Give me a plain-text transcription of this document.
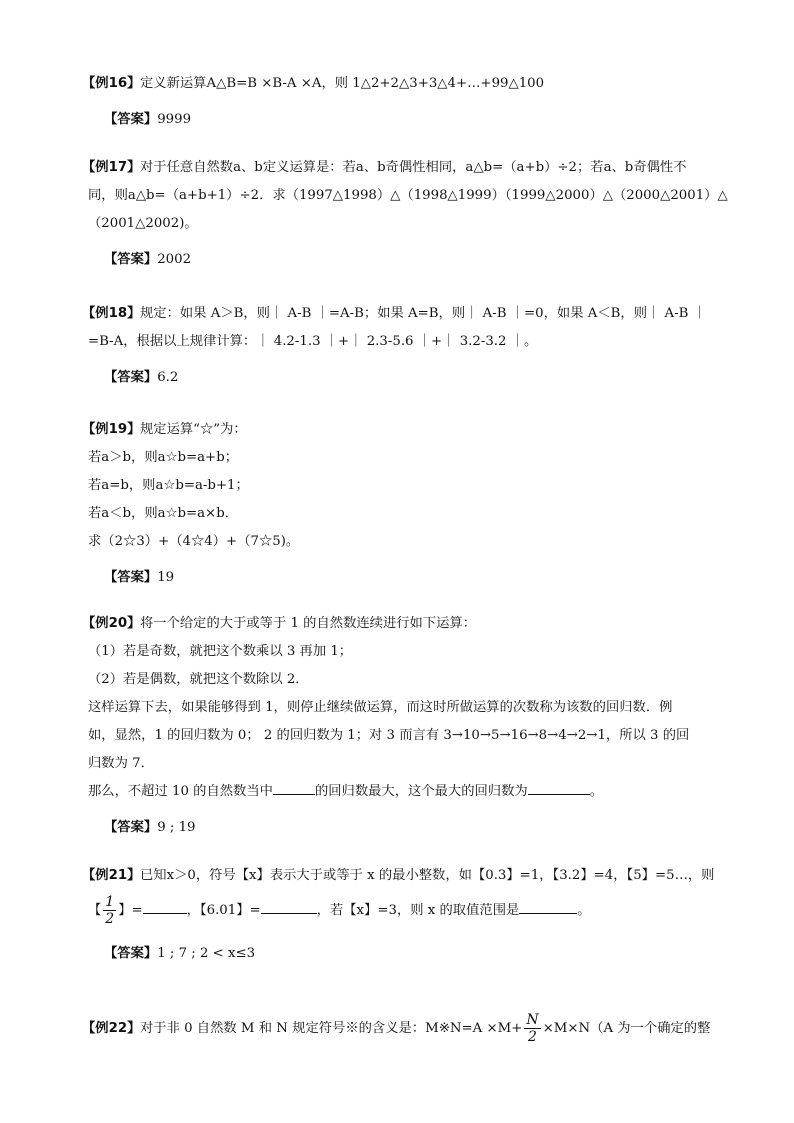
【例16】定义新运算A△B=B ×B-A ×A，则 1△2+2△3+3△4+…+99△100

【答案】9999

【例17】对于任意自然数a、b定义运算是：若a、b奇偶性相同，a△b=（a+b）÷2；若a、b奇偶性不

同，则a△b=（a+b+1）÷2．求（1997△1998）△（1998△1999）（1999△2000）△（2000△2001）△

（2001△2002)。

【答案】2002

【例18】规定：如果 A＞B，则｜ A-B ｜=A-B；如果 A=B，则｜ A-B ｜=0，如果 A＜B，则｜ A-B ｜

=B-A，根据以上规律计算：｜ 4.2-1.3 ｜+｜ 2.3-5.6 ｜+｜ 3.2-3.2 ｜。

【答案】6.2

【例19】规定运算“☆”为：

若a＞b，则a☆b=a+b；

若a=b，则a☆b=a-b+1；

若a＜b，则a☆b=a×b．

求（2☆3）+（4☆4）+（7☆5)。

【答案】19

【例20】将一个给定的大于或等于 1 的自然数连续进行如下运算：

（1）若是奇数，就把这个数乘以 3 再加 1；

（2）若是偶数，就把这个数除以 2．

这样运算下去，如果能够得到 1，则停止继续做运算，而这时所做运算的次数称为该数的回归数．例

如，显然，1 的回归数为 0； 2 的回归数为 1；对 3 而言有 3→10→5→16→8→4→2→1，所以 3 的回

归数为 7．

那么，不超过 10 的自然数当中	的回归数最大，这个最大的回归数为	。

【答案】9 ; 19

【例21】已知x＞0，符号【x】表示大于或等于 x 的最小整数，如【0.3】=1，【3.2】=4，【5】=5…，则

【 $\frac{1}{2}$ 】=	，【6.01】=	，若【x】=3，则 x 的取值范围是	。

【答案】1 ; 7 ; 2 < x≤3

【例22】对于非 0 自然数 M 和 N 规定符号※的含义是：M※N=A $\times M+ \frac{N}{2} \times M\times N(A$ 为一个确定的整
